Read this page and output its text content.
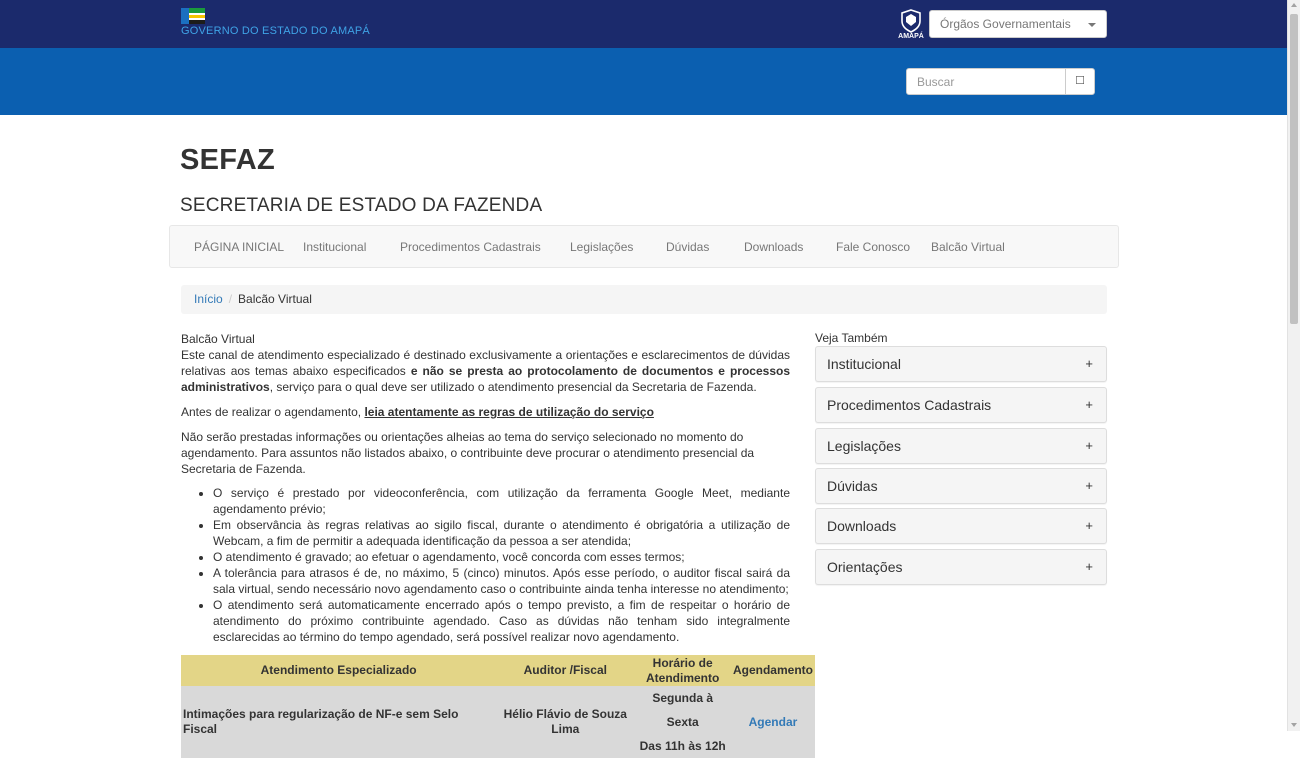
GOVERNO DO ESTADO DO AMAPÁ	AMAPÁ
Órgãos Governamentais
Buscar
☐
SEFAZ
SECRETARIA DE ESTADO DA FAZENDA
PÁGINA INICIAL Institucional	Procedimentos Cadastrais Legislações	Dúvidas	Downloads	Fale Conosco Balcão Virtual
Início / Balcão Virtual
Balcão Virtual

Este canal de atendimento especializado é destinado exclusivamente a orientações e esclarecimentos de dúvidas relativas aos temas abaixo especificados e não se presta ao protocolamento de documentos e processos administrativos, serviço para o qual deve ser utilizado o atendimento presencial da Secretaria de Fazenda.

Antes de realizar o agendamento, leia atentamente as regras de utilização do serviço

Não serão prestadas informações ou orientações alheias ao tema do serviço selecionado no momento do agendamento. Para assuntos não listados abaixo, o contribuinte deve procurar o atendimento presencial da Secretaria de Fazenda.

• O serviço é prestado por videoconferência, com utilização da ferramenta Google Meet, mediante agendamento prévio;
• Em observância às regras relativas ao sigilo fiscal, durante o atendimento é obrigatória a utilização de Webcam, a fim de permitir a adequada identificação da pessoa a ser atendida;
• O atendimento é gravado; ao efetuar o agendamento, você concorda com esses termos;
• A tolerância para atrasos é de, no máximo, 5 (cinco) minutos. Após esse período, o auditor fiscal sairá da sala virtual, sendo necessário novo agendamento caso o contribuinte ainda tenha interesse no atendimento;
• O atendimento será automaticamente encerrado após o tempo previsto, a fim de respeitar o horário de atendimento do próximo contribuinte agendado. Caso as dúvidas não tenham sido integralmente esclarecidas ao término do tempo agendado, será possível realizar novo agendamento.
Atendimento Especializado	Auditor /Fiscal	Horário de Atendimento	Agendamento
Intimações para regularização de NF-e sem Selo Fiscal	Hélio Flávio de Souza Lima	Segunda à Sexta
Das 11h às 12h	Agendar
Veja Também
Institucional	+
Procedimentos Cadastrais	+
Legislações	+
Dúvidas	+
Downloads	+
Orientações	+
